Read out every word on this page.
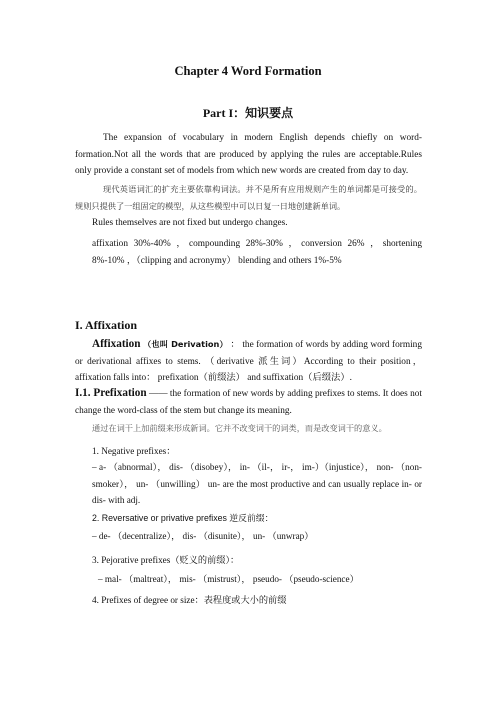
Chapter 4 Word Formation
Part I：知识要点
The expansion of vocabulary in modern English depends chiefly on word-formation.Not all the words that are produced by applying the rules are acceptable.Rules only provide a constant set of models from which new words are created from day to day.
现代英语词汇的扩充主要依靠构词法。并不是所有应用规则产生的单词都是可接受的。规则只提供了一组固定的模型，从这些模型中可以日复一日地创建新单词。
Rules themselves are not fixed but undergo changes.
affixation 30%-40% ，compounding 28%-30% ，conversion 26% ，shortening 8%-10% ，（clipping and acronymy） blending and others 1%-5%
I. Affixation
Affixation （也叫 Derivation） ： the formation of words by adding word forming or derivational affixes to stems. （derivative 派生词）According to their position， affixation falls into： prefixation（前缀法） and suffixation（后缀法）.
I.1. Prefixation —— the formation of new words by adding prefixes to stems. It does not change the word-class of the stem but change its meaning.
通过在词干上加前缀来形成新词。它并不改变词干的词类，而是改变词干的意义。
1. Negative prefixes：
– a- （abnormal）， dis- （disobey）， in- （il-， ir-， im-）（injustice）， non- （non-smoker）， un- （unwilling） un- are the most productive and can usually replace in- or dis- with adj.
2. Reversative or privative prefixes 逆反前缀：
– de- （decentralize）， dis- （disunite）， un- （unwrap）
3. Pejorative prefixes（贬义的前缀）：
– mal- （maltreat）， mis- （mistrust）， pseudo- （pseudo-science）
4. Prefixes of degree or size：表程度或大小的前缀
